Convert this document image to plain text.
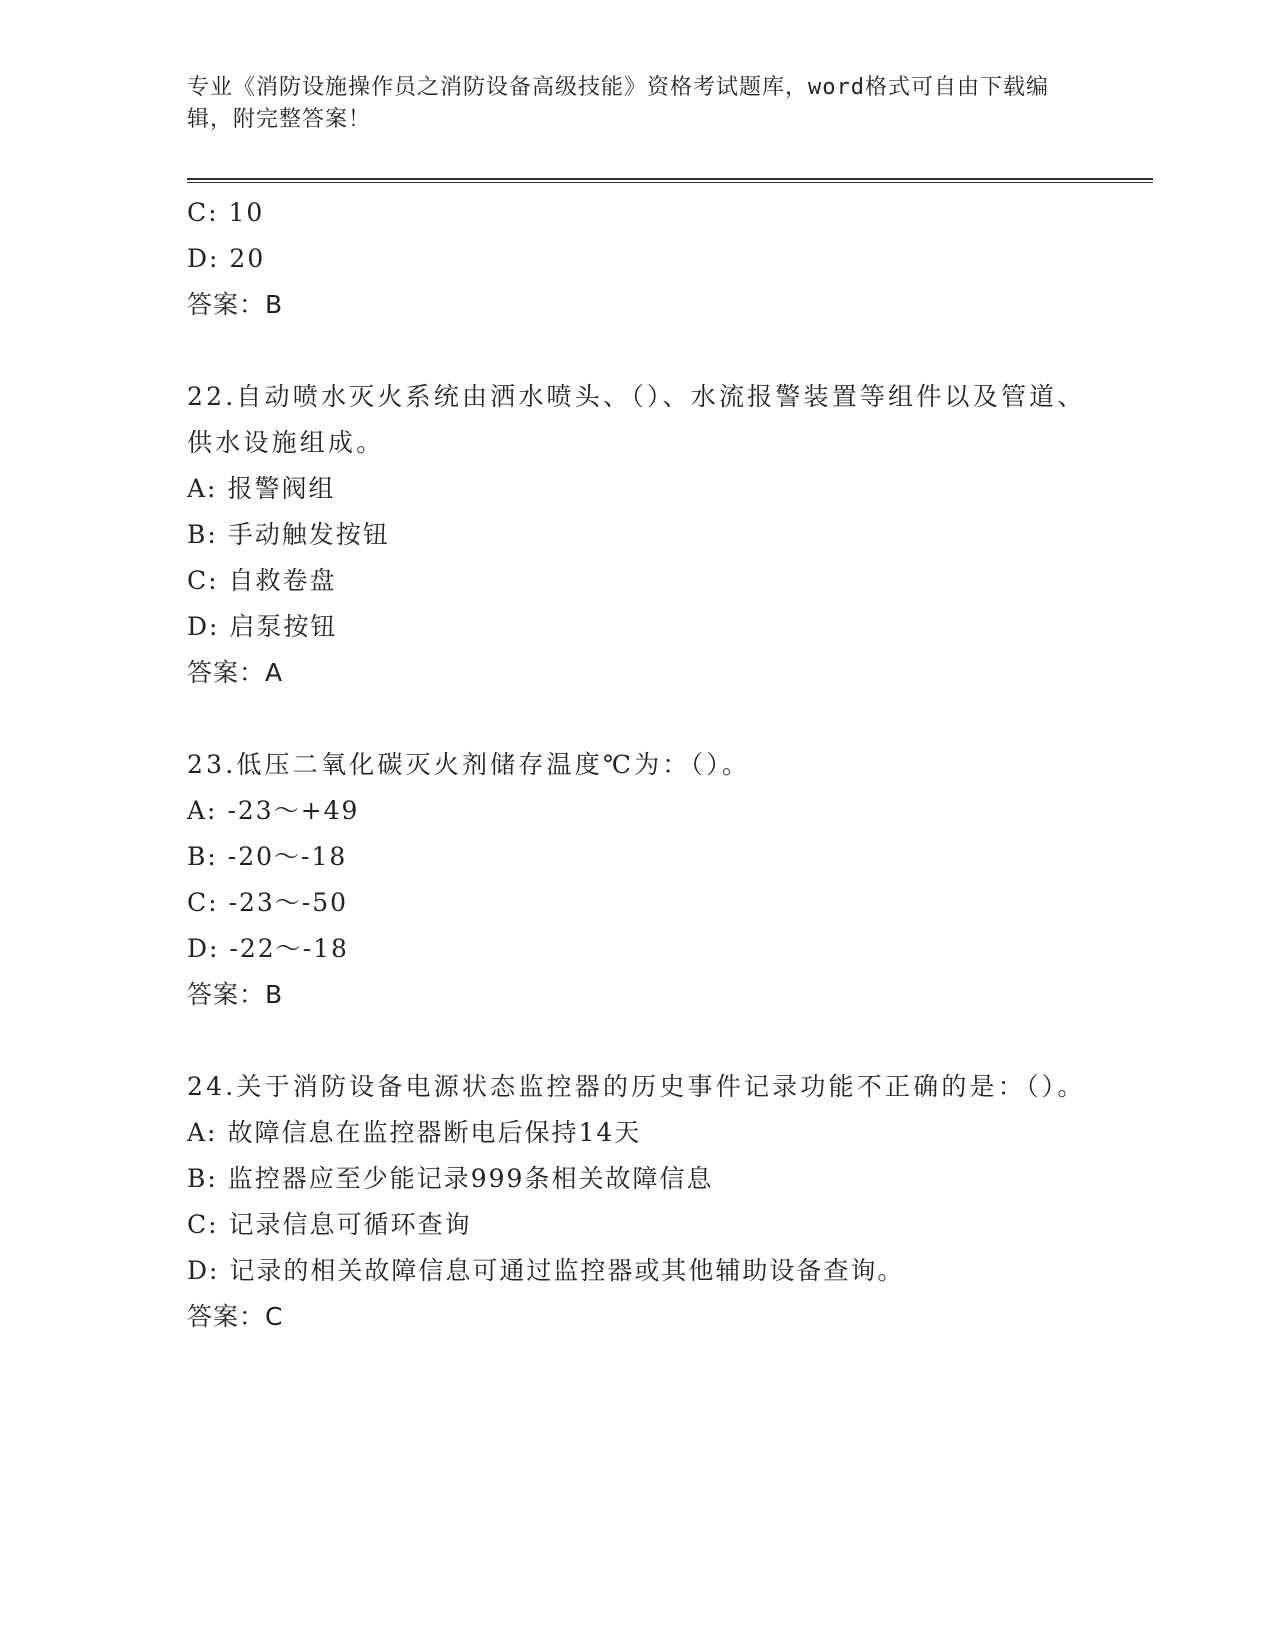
专业《消防设施操作员之消防设备高级技能》资格考试题库，word格式可自由下载编辑，附完整答案！
C: 10
D: 20
答案：B
22.自动喷水灭火系统由洒水喷头、（）、水流报警装置等组件以及管道、供水设施组成。
A: 报警阀组
B: 手动触发按钮
C: 自救卷盘
D: 启泵按钮
答案：A
23.低压二氧化碳灭火剂储存温度℃为：（）。
A: -23～+49
B: -20～-18
C: -23～-50
D: -22～-18
答案：B
24.关于消防设备电源状态监控器的历史事件记录功能不正确的是：（）。
A: 故障信息在监控器断电后保持14天
B: 监控器应至少能记录999条相关故障信息
C: 记录信息可循环查询
D: 记录的相关故障信息可通过监控器或其他辅助设备查询。
答案：C
